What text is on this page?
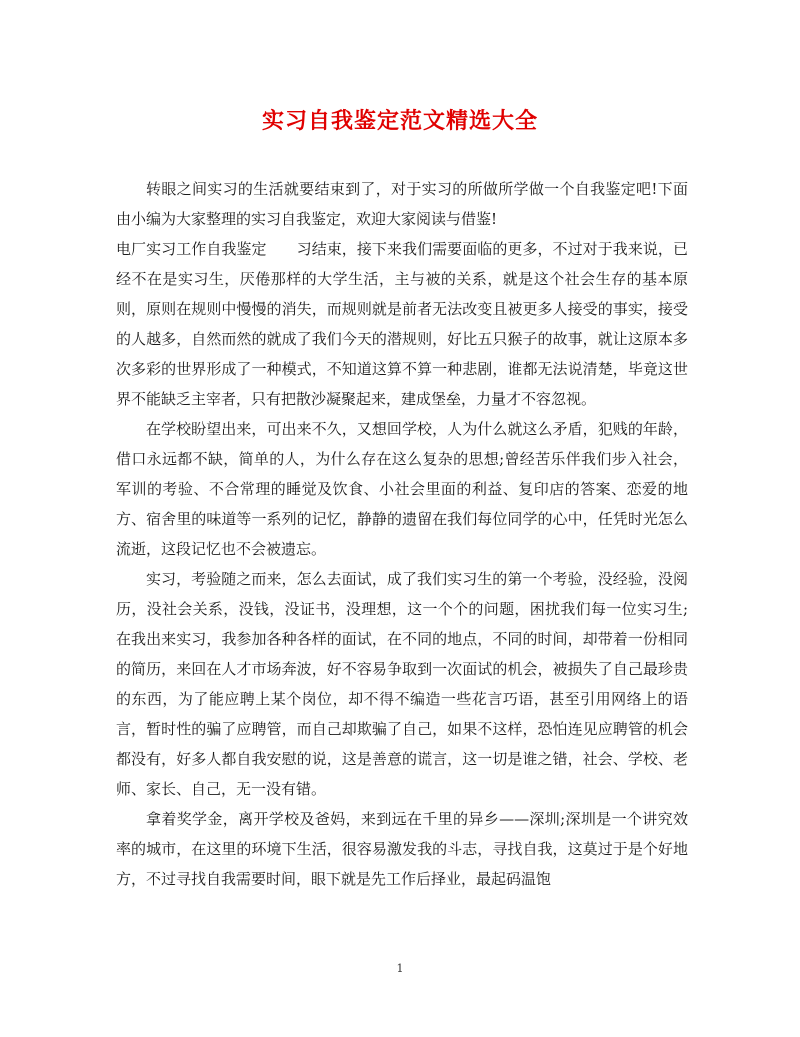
实习自我鉴定范文精选大全

转眼之间实习的生活就要结束到了，对于实习的所做所学做一个自我鉴定吧!下面由小编为大家整理的实习自我鉴定，欢迎大家阅读与借鉴!

电厂实习工作自我鉴定　　习结束，接下来我们需要面临的更多，不过对于我来说，已经不在是实习生，厌倦那样的大学生活，主与被的关系，就是这个社会生存的基本原则，原则在规则中慢慢的消失，而规则就是前者无法改变且被更多人接受的事实，接受的人越多，自然而然的就成了我们今天的潜规则，好比五只猴子的故事，就让这原本多次多彩的世界形成了一种模式，不知道这算不算一种悲剧，谁都无法说清楚，毕竟这世界不能缺乏主宰者，只有把散沙凝聚起来，建成堡垒，力量才不容忽视。

在学校盼望出来，可出来不久，又想回学校，人为什么就这么矛盾，犯贱的年龄，借口永远都不缺，简单的人，为什么存在这么复杂的思想;曾经苦乐伴我们步入社会，军训的考验、不合常理的睡觉及饮食、小社会里面的利益、复印店的答案、恋爱的地方、宿舍里的味道等一系列的记忆，静静的遗留在我们每位同学的心中，任凭时光怎么流逝，这段记忆也不会被遗忘。

实习，考验随之而来，怎么去面试，成了我们实习生的第一个考验，没经验，没阅历，没社会关系，没钱，没证书，没理想，这一个个的问题，困扰我们每一位实习生;在我出来实习，我参加各种各样的面试，在不同的地点，不同的时间，却带着一份相同的简历，来回在人才市场奔波，好不容易争取到一次面试的机会，被损失了自己最珍贵的东西，为了能应聘上某个岗位，却不得不编造一些花言巧语，甚至引用网络上的语言，暂时性的骗了应聘管，而自己却欺骗了自己，如果不这样，恐怕连见应聘管的机会都没有，好多人都自我安慰的说，这是善意的谎言，这一切是谁之错，社会、学校、老师、家长、自己，无一没有错。

拿着奖学金，离开学校及爸妈，来到远在千里的异乡——深圳;深圳是一个讲究效率的城市，在这里的环境下生活，很容易激发我的斗志，寻找自我，这莫过于是个好地方，不过寻找自我需要时间，眼下就是先工作后择业，最起码温饱

1
